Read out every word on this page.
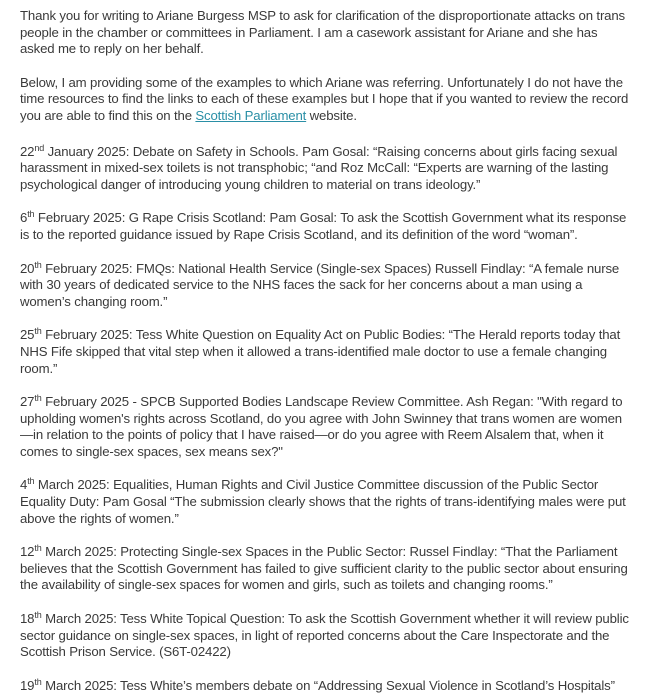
Thank you for writing to Ariane Burgess MSP to ask for clarification of the disproportionate attacks on trans people in the chamber or committees in Parliament. I am a casework assistant for Ariane and she has asked me to reply on her behalf.

Below, I am providing some of the examples to which Ariane was referring. Unfortunately I do not have the time resources to find the links to each of these examples but I hope that if you wanted to review the record you are able to find this on the Scottish Parliament website.

22nd January 2025: Debate on Safety in Schools. Pam Gosal: “Raising concerns about girls facing sexual harassment in mixed-sex toilets is not transphobic; “and Roz McCall: “Experts are warning of the lasting psychological danger of introducing young children to material on trans ideology.”

6th February 2025: G Rape Crisis Scotland: Pam Gosal: To ask the Scottish Government what its response is to the reported guidance issued by Rape Crisis Scotland, and its definition of the word “woman”.

20th February 2025: FMQs: National Health Service (Single-sex Spaces) Russell Findlay: “A female nurse with 30 years of dedicated service to the NHS faces the sack for her concerns about a man using a women’s changing room.”

25th February 2025: Tess White Question on Equality Act on Public Bodies: “The Herald reports today that NHS Fife skipped that vital step when it allowed a trans-identified male doctor to use a female changing room.”

27th February 2025 - SPCB Supported Bodies Landscape Review Committee. Ash Regan: "With regard to upholding women's rights across Scotland, do you agree with John Swinney that trans women are women—in relation to the points of policy that I have raised—or do you agree with Reem Alsalem that, when it comes to single-sex spaces, sex means sex?"

4th March 2025: Equalities, Human Rights and Civil Justice Committee discussion of the Public Sector Equality Duty: Pam Gosal “The submission clearly shows that the rights of trans-identifying males were put above the rights of women.”

12th March 2025: Protecting Single-sex Spaces in the Public Sector: Russel Findlay: “That the Parliament believes that the Scottish Government has failed to give sufficient clarity to the public sector about ensuring the availability of single-sex spaces for women and girls, such as toilets and changing rooms.”

18th March 2025: Tess White Topical Question: To ask the Scottish Government whether it will review public sector guidance on single-sex spaces, in light of reported concerns about the Care Inspectorate and the Scottish Prison Service. (S6T-02422)

19th March 2025: Tess White’s members debate on “Addressing Sexual Violence in Scotland’s Hospitals”
